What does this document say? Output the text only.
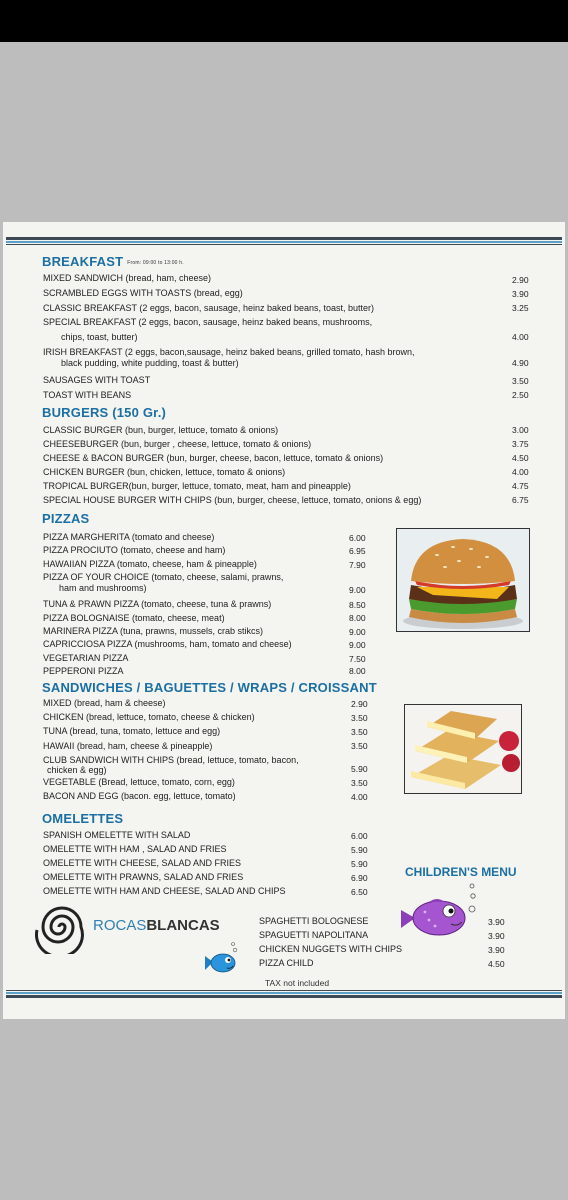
BREAKFAST From: 09:00 to 13:00 h.
MIXED SANDWICH (bread, ham, cheese)	2.90
SCRAMBLED EGGS WITH TOASTS (bread, egg)	3.90
CLASSIC BREAKFAST (2 eggs, bacon, sausage, heinz baked beans, toast, butter)	3.25
SPECIAL BREAKFAST (2 eggs, bacon, sausage, heinz baked beans, mushrooms,
chips, toast, butter)	4.00
IRISH BREAKFAST (2 eggs, bacon,sausage, heinz baked beans, grilled tomato, hash brown,
black pudding, white pudding, toast & butter)	4.90
SAUSAGES WITH TOAST	3.50
TOAST WITH BEANS	2.50
BURGERS (150 Gr.)
CLASSIC BURGER (bun, burger, lettuce, tomato & onions)	3.00
CHEESEBURGER (bun, burger , cheese, lettuce, tomato & onions)	3.75
CHEESE & BACON BURGER (bun, burger, cheese, bacon, lettuce, tomato & onions)	4.50
CHICKEN BURGER (bun, chicken, lettuce, tomato & onions)	4.00
TROPICAL BURGER(bun, burger, lettuce, tomato, meat, ham and pineapple)	4.75
SPECIAL HOUSE BURGER WITH CHIPS (bun, burger, cheese, lettuce, tomato, onions & egg)	6.75
PIZZAS
PIZZA MARGHERITA (tomato and cheese)	6.00
PIZZA PROCIUTO (tomato, cheese and ham)	6.95
HAWAIIAN PIZZA (tomato, cheese, ham & pineapple)	7.90
PIZZA OF YOUR CHOICE (tomato, cheese, salami, prawns,
ham and mushrooms)	9.00
TUNA & PRAWN PIZZA (tomato, cheese, tuna & prawns)	8.50
PIZZA BOLOGNAISE (tomato, cheese, meat)	8.00
MARINERA PIZZA (tuna, prawns, mussels, crab stikcs)	9.00
CAPRICCIOSA PIZZA (mushrooms, ham, tomato and cheese)	9.00
VEGETARIAN PIZZA	7.50
PEPPERONI PIZZA	8.00
SANDWICHES / BAGUETTES / WRAPS / CROISSANT
MIXED (bread, ham & cheese)	2.90
CHICKEN (bread, lettuce, tomato, cheese & chicken)	3.50
TUNA (bread, tuna, tomato, lettuce and egg)	3.50
HAWAII (bread, ham, cheese & pineapple)	3.50
CLUB SANDWICH WITH CHIPS (bread, lettuce, tomato, bacon,
chicken & egg)	5.90
VEGETABLE (Bread, lettuce, tomato, corn, egg)	3.50
BACON AND EGG (bacon. egg, lettuce, tomato)	4.00
OMELETTES
SPANISH OMELETTE WITH SALAD	6.00
OMELETTE WITH HAM , SALAD AND FRIES	5.90
OMELETTE WITH CHEESE, SALAD AND FRIES	5.90
OMELETTE WITH PRAWNS, SALAD AND FRIES	6.90
OMELETTE WITH HAM AND CHEESE, SALAD AND CHIPS	6.50
CHILDREN'S MENU
SPAGHETTI BOLOGNESE	3.90
SPAGUETTI NAPOLITANA	3.90
CHICKEN NUGGETS WITH CHIPS	3.90
PIZZA CHILD	4.50
ROCASBLANCAS
TAX not included
